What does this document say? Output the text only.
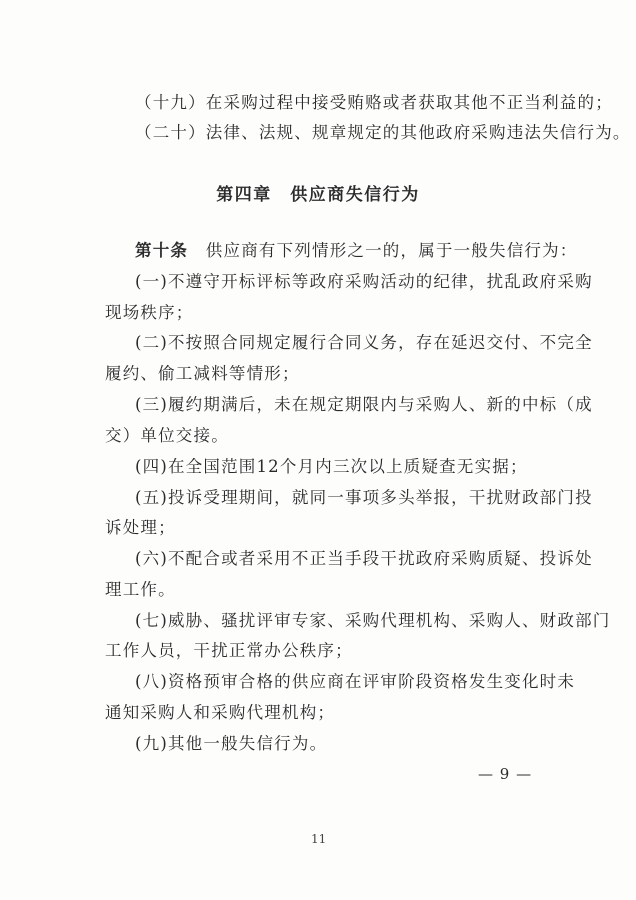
（十九）在采购过程中接受贿赂或者获取其他不正当利益的；
（二十）法律、法规、规章规定的其他政府采购违法失信行为。
第四章　供应商失信行为
第十条　供应商有下列情形之一的，属于一般失信行为：
(一)不遵守开标评标等政府采购活动的纪律，扰乱政府采购
现场秩序；
(二)不按照合同规定履行合同义务，存在延迟交付、不完全
履约、偷工减料等情形；
(三)履约期满后，未在规定期限内与采购人、新的中标（成
交）单位交接。
(四)在全国范围12个月内三次以上质疑查无实据；
(五)投诉受理期间，就同一事项多头举报，干扰财政部门投
诉处理；
(六)不配合或者采用不正当手段干扰政府采购质疑、投诉处
理工作。
(七)威胁、骚扰评审专家、采购代理机构、采购人、财政部门
工作人员，干扰正常办公秩序；
(八)资格预审合格的供应商在评审阶段资格发生变化时未
通知采购人和采购代理机构；
(九)其他一般失信行为。
— 9 —
11
